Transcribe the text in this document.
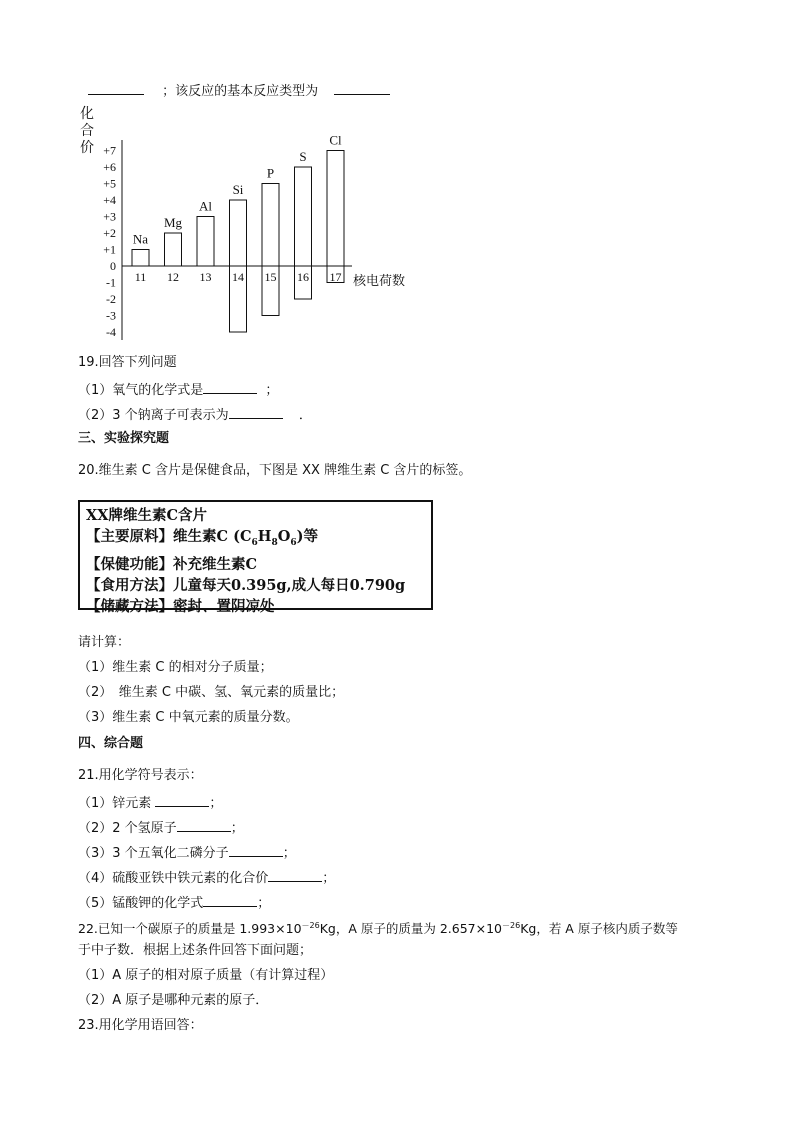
；该反应的基本反应类型为
化
合
价 +7
+6
+5
+4
+3
+2
+1
0
-1
-2
-3
-4
11 12 13 14 15 16 17
Na
Mg
Al
Si
P
S
Cl
核电荷数
19.回答下列问题
（1）氧气的化学式是	；
（2）3 个钠离子可表示为	．
三、实验探究题
20.维生素 C 含片是保健食品，下图是 XX 牌维生素 C 含片的标签。
XX牌维生素C含片
【主要原料】维生素C $(C_6H_8O_6)$等
【保健功能】补充维生素C
【食用方法】儿童每天0.395g,成人每日0.790g
【储藏方法】密封、置阴凉处
请计算：
（1）维生素 C 的相对分子质量；
（2）　维生素 C 中碳、氢、氧元素的质量比；
（3）维生素 C 中氧元素的质量分数。
四、综合题
21.用化学符号表示：
（1）锌元素	；
（2）2 个氢原子	；
（3）3 个五氧化二磷分子	；
（4）硫酸亚铁中铁元素的化合价	；
（5）锰酸钾的化学式	；
22.已知一个碳原子的质量是 $1.993\times 10^{-26}Kg$，A 原子的质量为 $2.657\times 10^{-26}Kg$，若 A 原子核内质子数等
于中子数．根据上述条件回答下面问题；
（1）A 原子的相对原子质量（有计算过程）
（2）A 原子是哪种元素的原子．
23.用化学用语回答：
